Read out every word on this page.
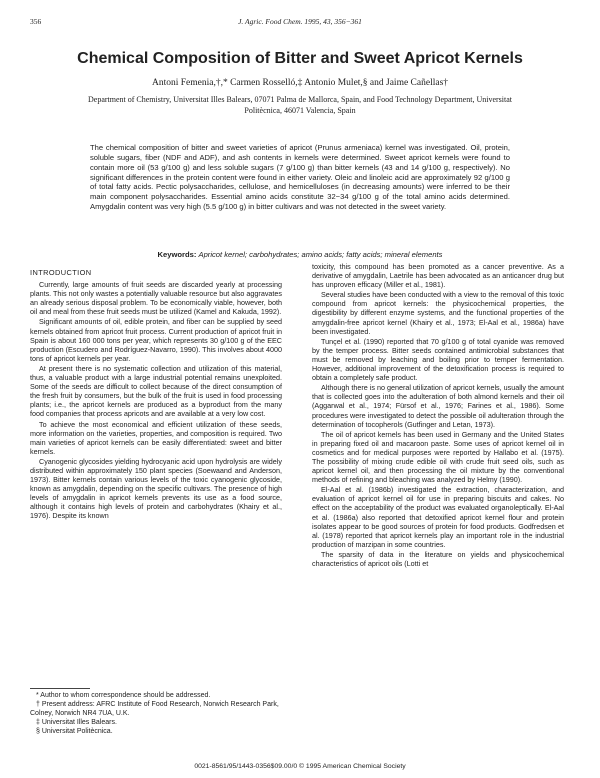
356	J. Agric. Food Chem. 1995, 43, 356−361
Chemical Composition of Bitter and Sweet Apricot Kernels
Antoni Femenia,†,* Carmen Rosselló,‡ Antonio Mulet,§ and Jaime Cañellas†
Department of Chemistry, Universitat Illes Balears, 07071 Palma de Mallorca, Spain, and Food Technology Department, Universitat Politècnica, 46071 Valencia, Spain
The chemical composition of bitter and sweet varieties of apricot (Prunus armeniaca) kernel was investigated. Oil, protein, soluble sugars, fiber (NDF and ADF), and ash contents in kernels were determined. Sweet apricot kernels were found to contain more oil (53 g/100 g) and less soluble sugars (7 g/100 g) than bitter kernels (43 and 14 g/100 g, respectively). No significant differences in the protein content were found in either variety. Oleic and linoleic acid are approximately 92 g/100 g of total fatty acids. Pectic polysaccharides, cellulose, and hemicelluloses (in decreasing amounts) were inferred to be their main component polysaccharides. Essential amino acids constitute 32−34 g/100 g of the total amino acids determined. Amygdalin content was very high (5.5 g/100 g) in bitter cultivars and was not detected in the sweet variety.
Keywords: Apricot kernel; carbohydrates; amino acids; fatty acids; mineral elements
INTRODUCTION

Currently, large amounts of fruit seeds are discarded yearly at processing plants. This not only wastes a potentially valuable resource but also aggravates an already serious disposal problem. To be economically viable, however, both oil and meal from these fruit seeds must be utilized (Kamel and Kakuda, 1992).

Significant amounts of oil, edible protein, and fiber can be supplied by seed kernels obtained from apricot fruit process. Current production of apricot fruit in Spain is about 160 000 tons per year, which represents 30 g/100 g of the EEC production (Escudero and Rodríguez-Navarro, 1990). This involves about 4000 tons of apricot kernels per year.

At present there is no systematic collection and utilization of this material, thus, a valuable product with a large industrial potential remains unexploited. Some of the seeds are difficult to collect because of the direct consumption of the fresh fruit by consumers, but the bulk of the fruit is used in food processing plants; i.e., the apricot kernels are produced as a byproduct from the many food companies that process apricots and are available at a very low cost.

To achieve the most economical and efficient utilization of these seeds, more information on the varieties, properties, and composition is required. Two main varieties of apricot kernels can be easily differentiated: sweet and bitter kernels.

Cyanogenic glycosides yielding hydrocyanic acid upon hydrolysis are widely distributed within approximately 150 plant species (Soewaand and Anderson, 1973). Bitter kernels contain various levels of the toxic cyanogenic glycoside, known as amygdalin, depending on the specific cultivars. The presence of high levels of amygdalin in apricot kernels prevents its use as a food source, although it contains high levels of protein and carbohydrates (Khairy et al., 1976). Despite its known

* Author to whom correspondence should be addressed.

† Present address: AFRC Institute of Food Research, Norwich Research Park, Colney, Norwich NR4 7UA, U.K.

‡ Universitat Illes Balears.

§ Universitat Politècnica.

toxicity, this compound has been promoted as a cancer preventive. As a derivative of amygdalin, Laetrile has been advocated as an anticancer drug but has unproven efficacy (Miller et al., 1981).

Several studies have been conducted with a view to the removal of this toxic compound from apricot kernels: the physicochemical properties, the digestibility by different enzyme systems, and the functional properties of the amygdalin-free apricot kernel (Khairy et al., 1973; El-Aal et al., 1986a) have been investigated.

Tunçel et al. (1990) reported that 70 g/100 g of total cyanide was removed by the temper process. Bitter seeds contained antimicrobial substances that must be removed by leaching and boiling prior to temper fermentation. However, additional improvement of the detoxification process is required to obtain a completely safe product.

Although there is no general utilization of apricot kernels, usually the amount that is collected goes into the adulteration of both almond kernels and their oil (Aggarwal et al., 1974; Fürsof et al., 1976; Farines et al., 1986). Some procedures were investigated to detect the possible oil adulteration through the determination of tocopherols (Gutfinger and Letan, 1973).

The oil of apricot kernels has been used in Germany and the United States in preparing fixed oil and macaroon paste. Some uses of apricot kernel oil in cosmetics and for medical purposes were reported by Hallabo et al. (1975). The possibility of mixing crude edible oil with crude fruit seed oils, such as apricot kernel oil, and then processing the oil mixture by the conventional methods of refining and bleaching was analyzed by Helmy (1990).

El-Aal et al. (1986b) investigated the extraction, characterization, and evaluation of apricot kernel oil for use in preparing biscuits and cakes. No effect on the acceptability of the product was evaluated organoleptically. El-Aal et al. (1986a) also reported that detoxified apricot kernel flour and protein isolates appear to be good sources of protein for food products. Godfredsen et al. (1978) reported that apricot kernels play an important role in the industrial production of marzipan in some countries.

The sparsity of data in the literature on yields and physicochemical characteristics of apricot oils (Lotti et

0021-8561/95/1443-0356$09.00/0 © 1995 American Chemical Society
